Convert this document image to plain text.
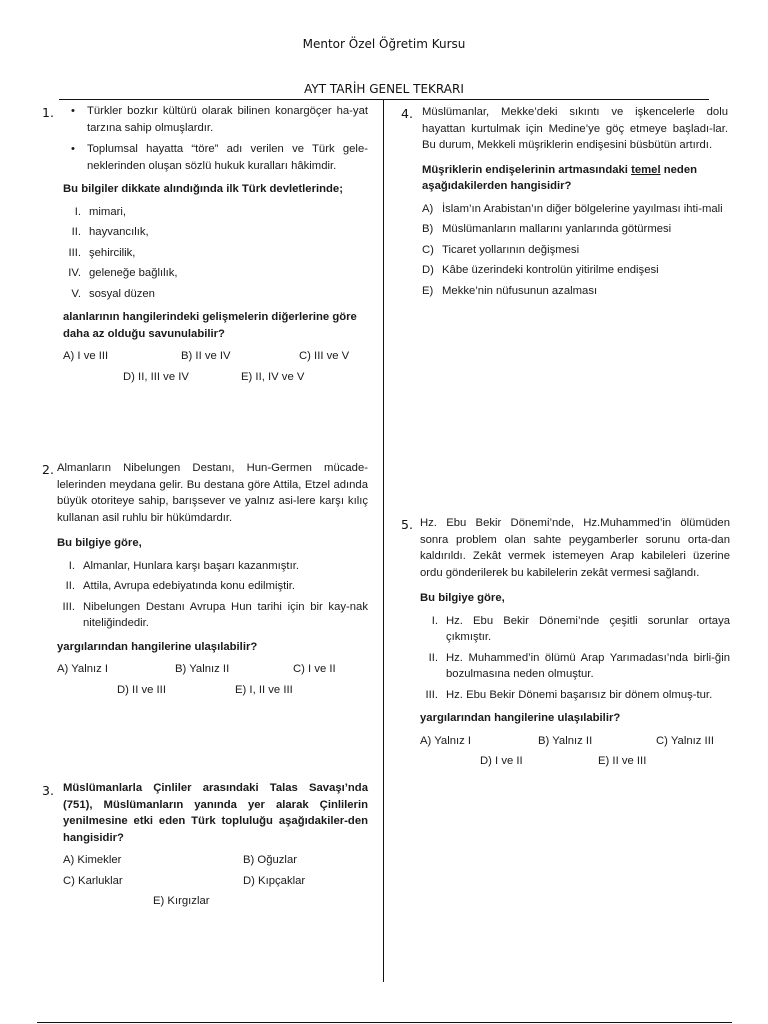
Mentor Özel Öğretim Kursu
AYT TARİH GENEL TEKRARI
1. • Türkler bozkır kültürü olarak bilinen konargöçer ha-yat tarzına sahip olmuşlardır.
• Toplumsal hayatta “töre” adı verilen ve Türk gele-neklerinden oluşan sözlü hukuk kuralları hâkimdir.
Bu bilgiler dikkate alındığında ilk Türk devletlerinde;
I. mimari,
II. hayvancılık,
III. şehircilik,
IV. geleneğe bağlılık,
V. sosyal düzen
alanlarının hangilerindeki gelişmelerin diğerlerine göre daha az olduğu savunulabilir?
A) I ve III	B) II ve IV	C) III ve V
D) II, III ve IV	E) II, IV ve V
2. Almanların Nibelungen Destanı, Hun-Germen mücade-lelerinden meydana gelir. Bu destana göre Attila, Etzel adında büyük otoriteye sahip, barışsever ve yalnız asi-lere karşı kılıç kullanan asil ruhlu bir hükümdardır.
Bu bilgiye göre,
I. Almanlar, Hunlara karşı başarı kazanmıştır.
II. Attila, Avrupa edebiyatında konu edilmiştir.
III. Nibelungen Destanı Avrupa Hun tarihi için bir kay-nak niteliğindedir.
yargılarından hangilerine ulaşılabilir?
A) Yalnız I	B) Yalnız II	C) I ve II
D) II ve III	E) I, II ve III
3. Müslümanlarla Çinliler arasındaki Talas Savaşı’nda (751), Müslümanların yanında yer alarak Çinlilerin yenilmesine etki eden Türk topluluğu aşağıdakiler-den hangisidir?
A) Kimekler	B) Oğuzlar
C) Karluklar	D) Kıpçaklar
E) Kırgızlar
4. Müslümanlar, Mekke’deki sıkıntı ve işkencelerle dolu hayattan kurtulmak için Medine’ye göç etmeye başladı-lar. Bu durum, Mekkeli müşriklerin endişesini büsbütün artırdı.
Müşriklerin endişelerinin artmasındaki temel neden aşağıdakilerden hangisidir?
A) İslam’ın Arabistan’ın diğer bölgelerine yayılması ihti-mali
B) Müslümanların mallarını yanlarında götürmesi
C) Ticaret yollarının değişmesi
D) Kâbe üzerindeki kontrolün yitirilme endişesi
E) Mekke’nin nüfusunun azalması
5. Hz. Ebu Bekir Dönemi’nde, Hz.Muhammed’in ölümüden sonra problem olan sahte peygamberler sorunu orta-dan kaldırıldı. Zekât vermek istemeyen Arap kabileleri üzerine ordu gönderilerek bu kabilelerin zekât vermesi sağlandı.
Bu bilgiye göre,
I. Hz. Ebu Bekir Dönemi’nde çeşitli sorunlar ortaya çıkmıştır.
II. Hz. Muhammed’in ölümü Arap Yarımadası’nda birli-ğin bozulmasına neden olmuştur.
III. Hz. Ebu Bekir Dönemi başarısız bir dönem olmuş-tur.
yargılarından hangilerine ulaşılabilir?
A) Yalnız I	B) Yalnız II	C) Yalnız III
D) I ve II	E) II ve III
